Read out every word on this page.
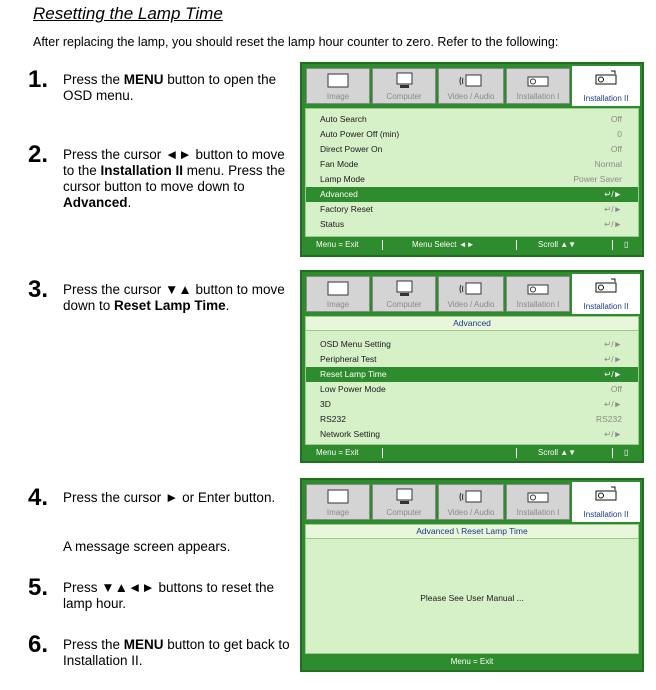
Resetting the Lamp Time
After replacing the lamp, you should reset the lamp hour counter to zero. Refer to the following:
1. Press the MENU button to open the OSD menu.
2. Press the cursor ◄► button to move to the Installation II menu. Press the cursor button to move down to
Advanced.
3. Press the cursor ▼▲ button to move down to Reset Lamp Time.
4. Press the cursor ► or Enter button.
A message screen appears.
5. Press ▼▲◄► buttons to reset the lamp hour.
6. Press the MENU button to get back to Installation II.
Image	Computer	Video / Audio	Installation I	Installation II
Auto Search	Off
Auto Power Off (min)	0
Direct Power On	Off
Fan Mode	Normal
Lamp Mode	Power Saver
Advanced	↵/►
Factory Reset	↵/►
Status	↵/►
Menu = Exit	Menu Select ◄►	Scroll ▲▼	▯
Image	Computer	Video / Audio	Installation I	Installation II
Advanced
OSD Menu Setting	↵/►
Peripheral Test	↵/►
Reset Lamp Time	↵/►
Low Power Mode	Off
3D	↵/►
RS232	RS232
Network Setting	↵/►
Menu = Exit	Scroll ▲▼	▯
Image	Computer	Video / Audio	Installation I	Installation II
Advanced \ Reset Lamp Time
Please See User Manual ...
Menu = Exit
